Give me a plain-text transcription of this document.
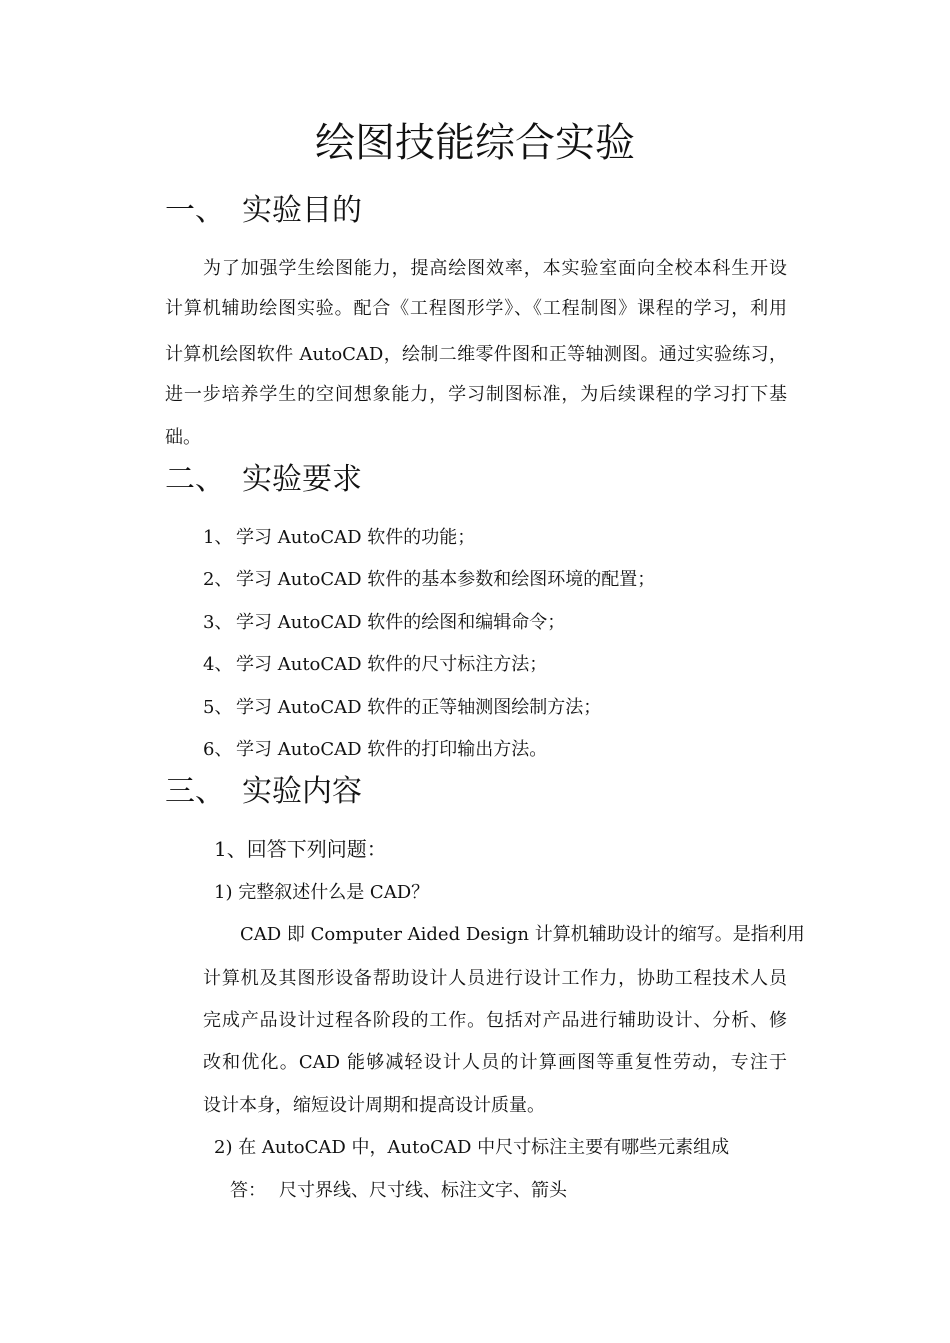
绘图技能综合实验
一、 实验目的
为了加强学生绘图能力，提高绘图效率，本实验室面向全校本科生开设
计算机辅助绘图实验。配合《工程图形学》、《工程制图》课程的学习，利用
计算机绘图软件 AutoCAD，绘制二维零件图和正等轴测图。通过实验练习，
进一步培养学生的空间想象能力，学习制图标准，为后续课程的学习打下基
础。
二、 实验要求
1、 学习 AutoCAD 软件的功能；
2、 学习 AutoCAD 软件的基本参数和绘图环境的配置；
3、 学习 AutoCAD 软件的绘图和编辑命令；
4、 学习 AutoCAD 软件的尺寸标注方法；
5、 学习 AutoCAD 软件的正等轴测图绘制方法；
6、 学习 AutoCAD 软件的打印输出方法。
三、 实验内容
1、回答下列问题：
1) 完整叙述什么是 CAD？
CAD 即 Computer Aided Design 计算机辅助设计的缩写。是指利用
计算机及其图形设备帮助设计人员进行设计工作力，协助工程技术人员
完成产品设计过程各阶段的工作。包括对产品进行辅助设计、分析、修
改和优化。CAD 能够减轻设计人员的计算画图等重复性劳动，专注于
设计本身，缩短设计周期和提高设计质量。
2) 在 AutoCAD 中，AutoCAD 中尺寸标注主要有哪些元素组成
答： 尺寸界线、尺寸线、标注文字、箭头
